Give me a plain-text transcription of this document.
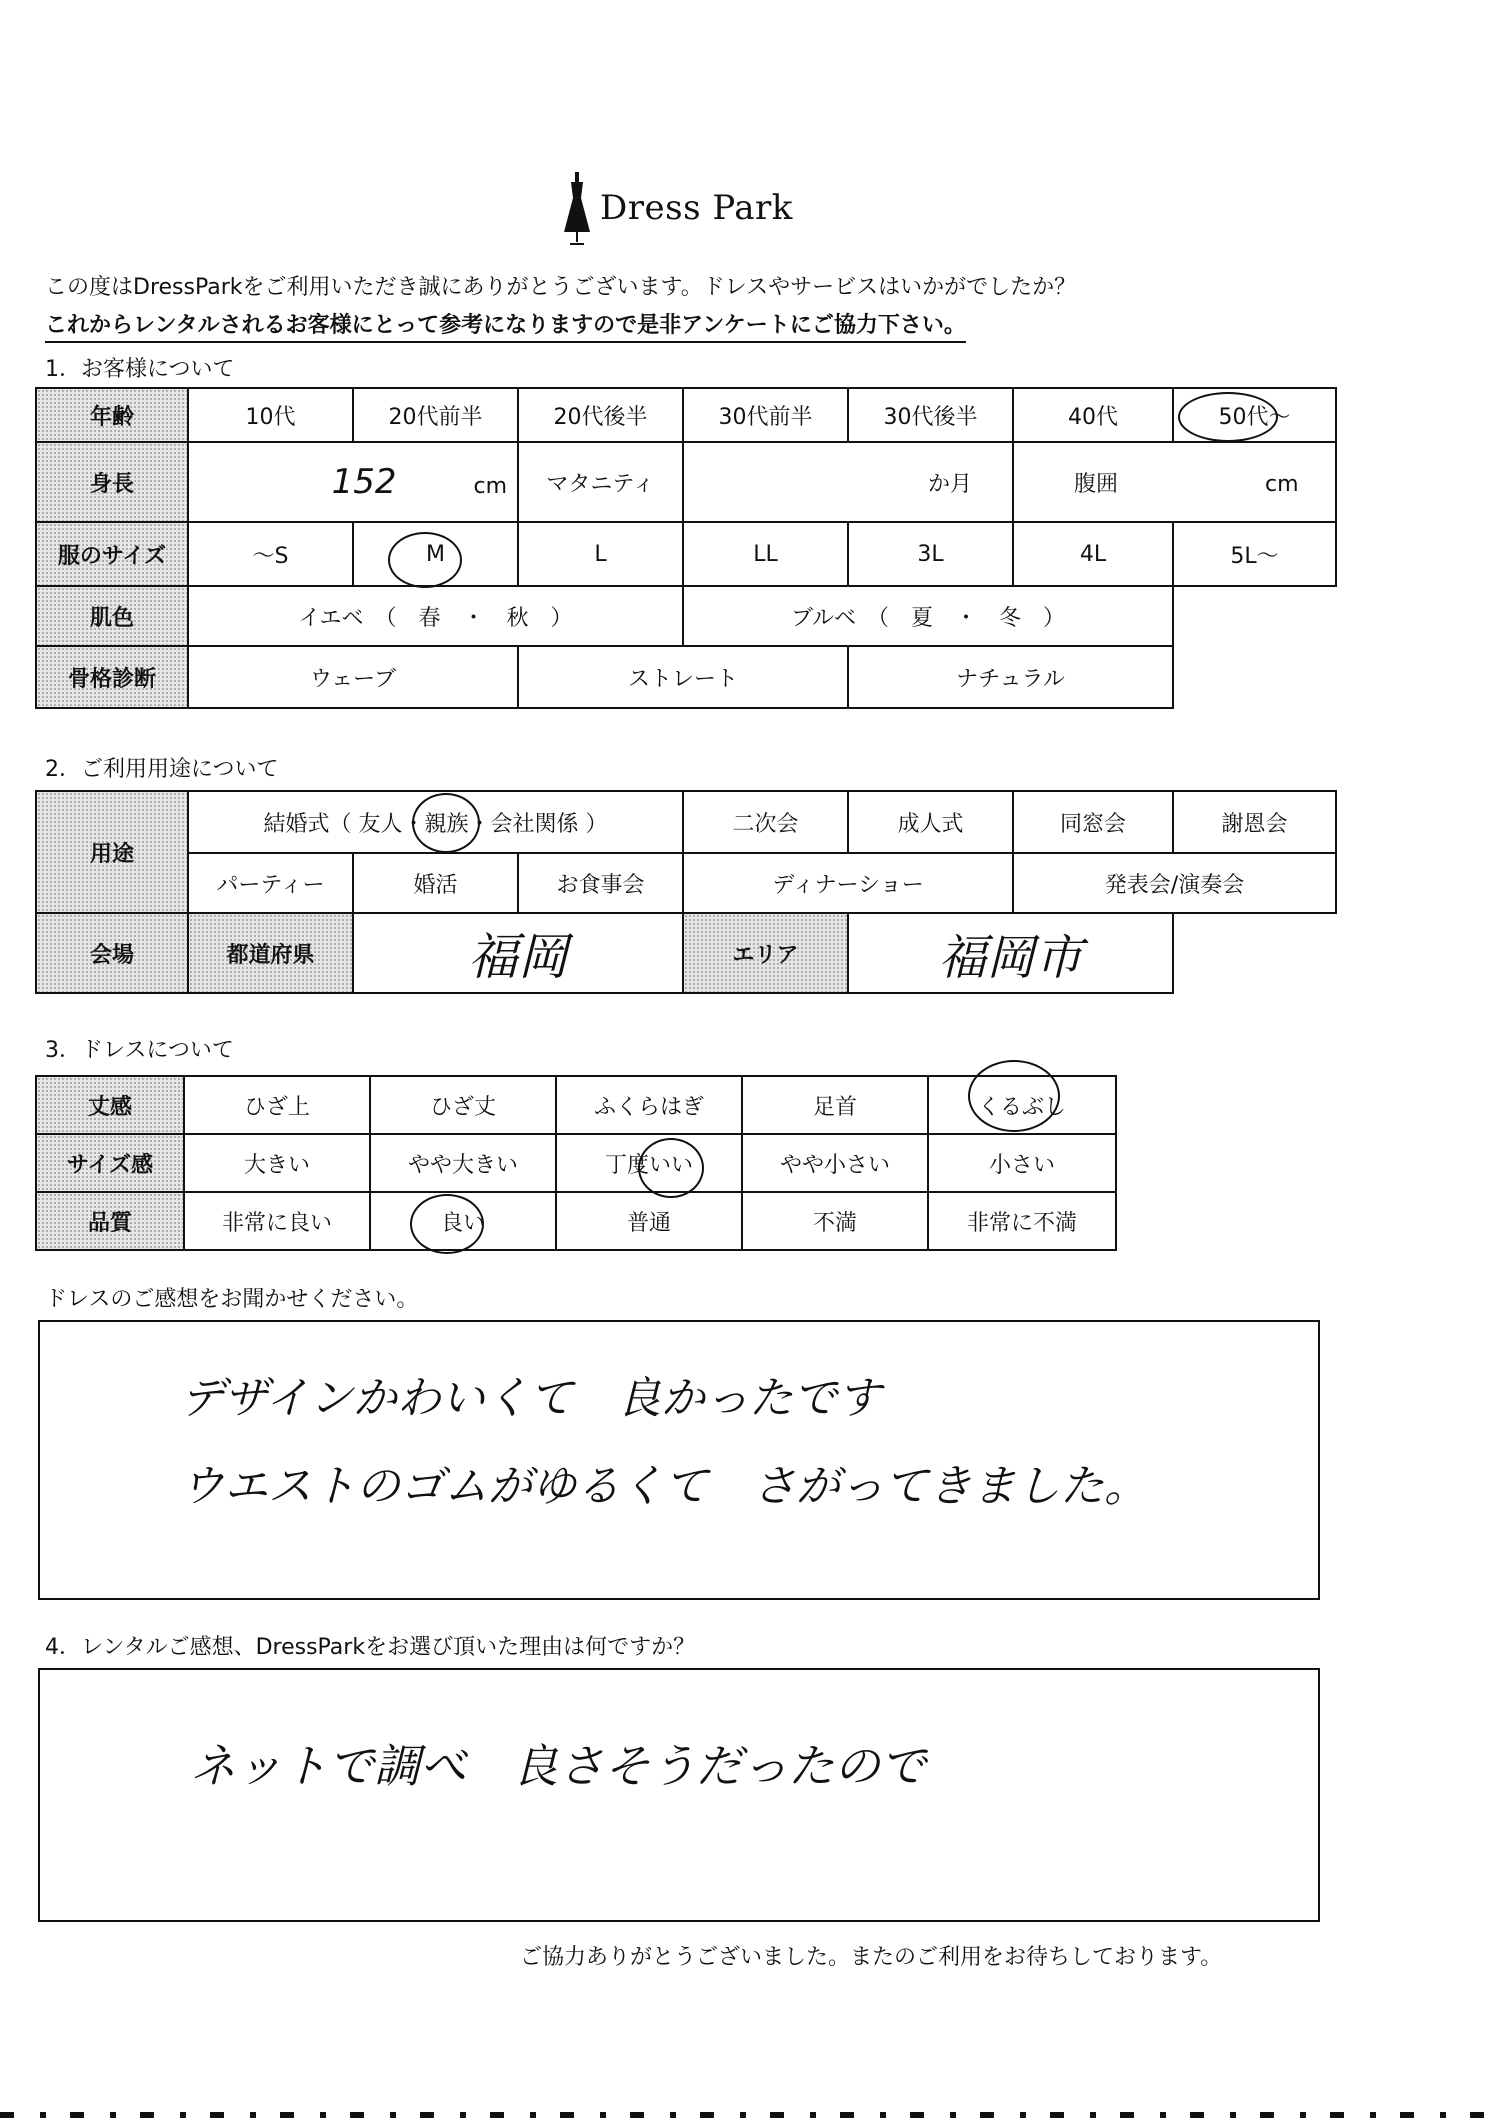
Dress Park
この度はDressParkをご利用いただき誠にありがとうございます。ドレスやサービスはいかがでしたか？
これからレンタルされるお客様にとって参考になりますので是非アンケートにご協力下さい。
1．お客様について
年齢	10代	20代前半	20代後半	30代前半	30代後半	40代	50代～
身長	152 cm		マタニティ	か月		腹囲 cm	
服のサイズ	～S	M	L	LL	3L	4L	5L～
肌色	イエベ　（　春　・　秋　）			ブルベ　（　夏　・　冬　）			
骨格診断	ウェーブ		ストレート		ナチュラル		
2．ご利用用途について
用途	結婚式（ 友人・親族・会社関係 ）			二次会	成人式	同窓会	謝恩会
	パーティー	婚活	お食事会	ディナーショー		発表会/演奏会	
会場	都道府県	福岡		エリア	福岡市		
3．ドレスについて
丈感	ひざ上	ひざ丈	ふくらはぎ	足首	くるぶし
サイズ感	大きい	やや大きい	丁度いい	やや小さい	小さい
品質	非常に良い	良い	普通	不満	非常に不満
ドレスのご感想をお聞かせください。
デザインかわいくて　良かったです
ウエストのゴムがゆるくて　さがってきました。
4．レンタルご感想、DressParkをお選び頂いた理由は何ですか？
ネットで調べ　良さそうだったので
ご協力ありがとうございました。またのご利用をお待ちしております。
